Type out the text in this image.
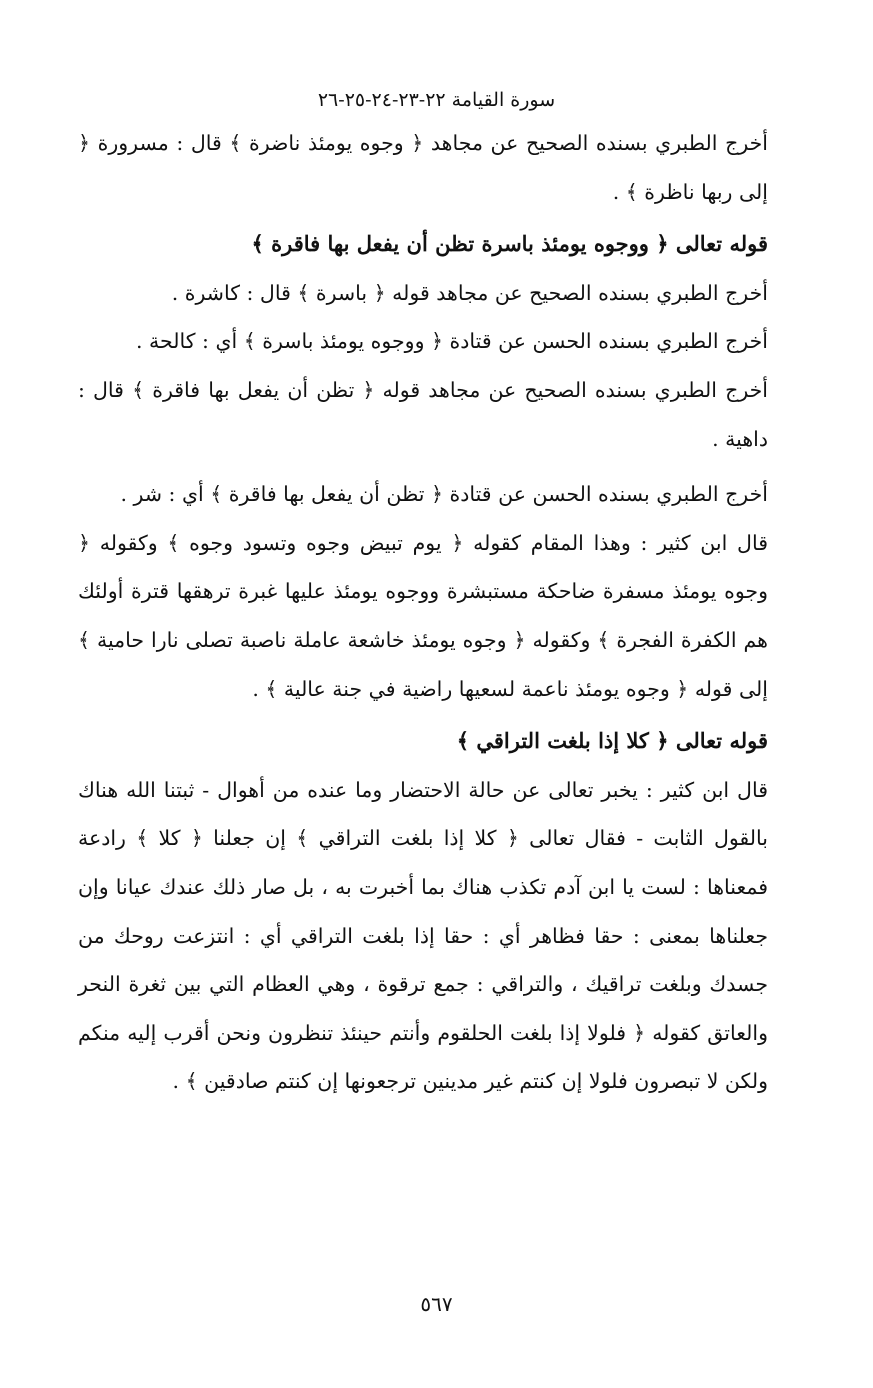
سورة القيامة ٢٢-٢٣-٢٤-٢٥-٢٦

أخرج الطبري بسنده الصحيح عن مجاهد ﴿ وجوه يومئذ ناضرة ﴾ قال : مسرورة ﴿ إلى ربها ناظرة ﴾ .

قوله تعالى ﴿ ووجوه يومئذ باسرة تظن أن يفعل بها فاقرة ﴾

أخرج الطبري بسنده الصحيح عن مجاهد قوله ﴿ باسرة ﴾ قال : كاشرة .

أخرج الطبري بسنده الحسن عن قتادة ﴿ ووجوه يومئذ باسرة ﴾ أي : كالحة .

أخرج الطبري بسنده الصحيح عن مجاهد قوله ﴿ تظن أن يفعل بها فاقرة ﴾ قال : داهية .

أخرج الطبري بسنده الحسن عن قتادة ﴿ تظن أن يفعل بها فاقرة ﴾ أي : شر .

قال ابن كثير : وهذا المقام كقوله ﴿ يوم تبيض وجوه وتسود وجوه ﴾ وكقوله ﴿ وجوه يومئذ مسفرة ضاحكة مستبشرة ووجوه يومئذ عليها غبرة ترهقها قترة أولئك هم الكفرة الفجرة ﴾ وكقوله ﴿ وجوه يومئذ خاشعة عاملة ناصبة تصلى نارا حامية ﴾ إلى قوله ﴿ وجوه يومئذ ناعمة لسعيها راضية في جنة عالية ﴾ .

قوله تعالى ﴿ كلا إذا بلغت التراقي ﴾

قال ابن كثير : يخبر تعالى عن حالة الاحتضار وما عنده من أهوال - ثبتنا الله هناك بالقول الثابت - فقال تعالى ﴿ كلا إذا بلغت التراقي ﴾ إن جعلنا ﴿ كلا ﴾ رادعة فمعناها : لست يا ابن آدم تكذب هناك بما أخبرت به ، بل صار ذلك عندك عيانا وإن جعلناها بمعنى : حقا فظاهر أي : حقا إذا بلغت التراقي أي : انتزعت روحك من جسدك وبلغت تراقيك ، والتراقي : جمع ترقوة ، وهي العظام التي بين ثغرة النحر والعاتق كقوله ﴿ فلولا إذا بلغت الحلقوم وأنتم حينئذ تنظرون ونحن أقرب إليه منكم ولكن لا تبصرون فلولا إن كنتم غير مدينين ترجعونها إن كنتم صادقين ﴾ .

٥٦٧
